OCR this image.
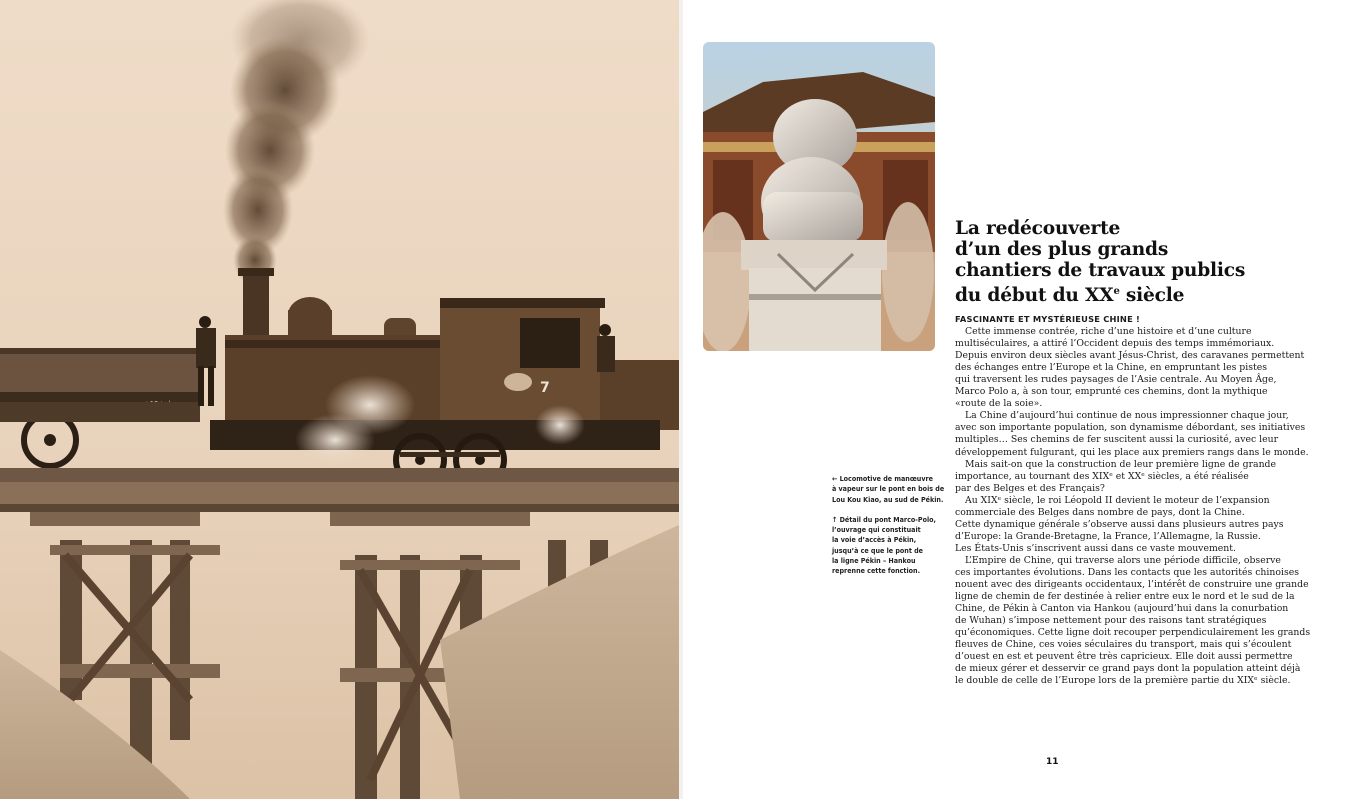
7
La redécouverte
d’un des plus grands
chantiers de travaux publics
du début du XXe siècle

← Locomotive de manœuvre
à vapeur sur le pont en bois de
Lou Kou Kiao, au sud de Pékin.

↑ Détail du pont Marco-Polo,
l’ouvrage qui constituait
la voie d’accès à Pékin,
jusqu’à ce que le pont de
la ligne Pékin – Hankou
reprenne cette fonction.

FASCINANTE ET MYSTÉRIEUSE CHINE !
Cette immense contrée, riche d’une histoire et d’une culture
multiséculaires, a attiré l’Occident depuis des temps immémoriaux.
Depuis environ deux siècles avant Jésus-Christ, des caravanes permettent
des échanges entre l’Europe et la Chine, en empruntant les pistes
qui traversent les rudes paysages de l’Asie centrale. Au Moyen Âge,
Marco Polo a, à son tour, emprunté ces chemins, dont la mythique
«route de la soie».
La Chine d’aujourd’hui continue de nous impressionner chaque jour,
avec son importante population, son dynamisme débordant, ses initiatives
multiples… Ses chemins de fer suscitent aussi la curiosité, avec leur
développement fulgurant, qui les place aux premiers rangs dans le monde.
Mais sait-on que la construction de leur première ligne de grande
importance, au tournant des XIXᵉ et XXᵉ siècles, a été réalisée
par des Belges et des Français?
Au XIXᵉ siècle, le roi Léopold II devient le moteur de l’expansion
commerciale des Belges dans nombre de pays, dont la Chine.
Cette dynamique générale s’observe aussi dans plusieurs autres pays
d’Europe: la Grande-Bretagne, la France, l’Allemagne, la Russie.
Les États-Unis s’inscrivent aussi dans ce vaste mouvement.
L’Empire de Chine, qui traverse alors une période difficile, observe
ces importantes évolutions. Dans les contacts que les autorités chinoises
nouent avec des dirigeants occidentaux, l’intérêt de construire une grande
ligne de chemin de fer destinée à relier entre eux le nord et le sud de la
Chine, de Pékin à Canton via Hankou (aujourd’hui dans la conurbation
de Wuhan) s’impose nettement pour des raisons tant stratégiques
qu’économiques. Cette ligne doit recouper perpendiculairement les grands
fleuves de Chine, ces voies séculaires du transport, mais qui s’écoulent
d’ouest en est et peuvent être très capricieux. Elle doit aussi permettre
de mieux gérer et desservir ce grand pays dont la population atteint déjà
le double de celle de l’Europe lors de la première partie du XIXᵉ siècle.
11
